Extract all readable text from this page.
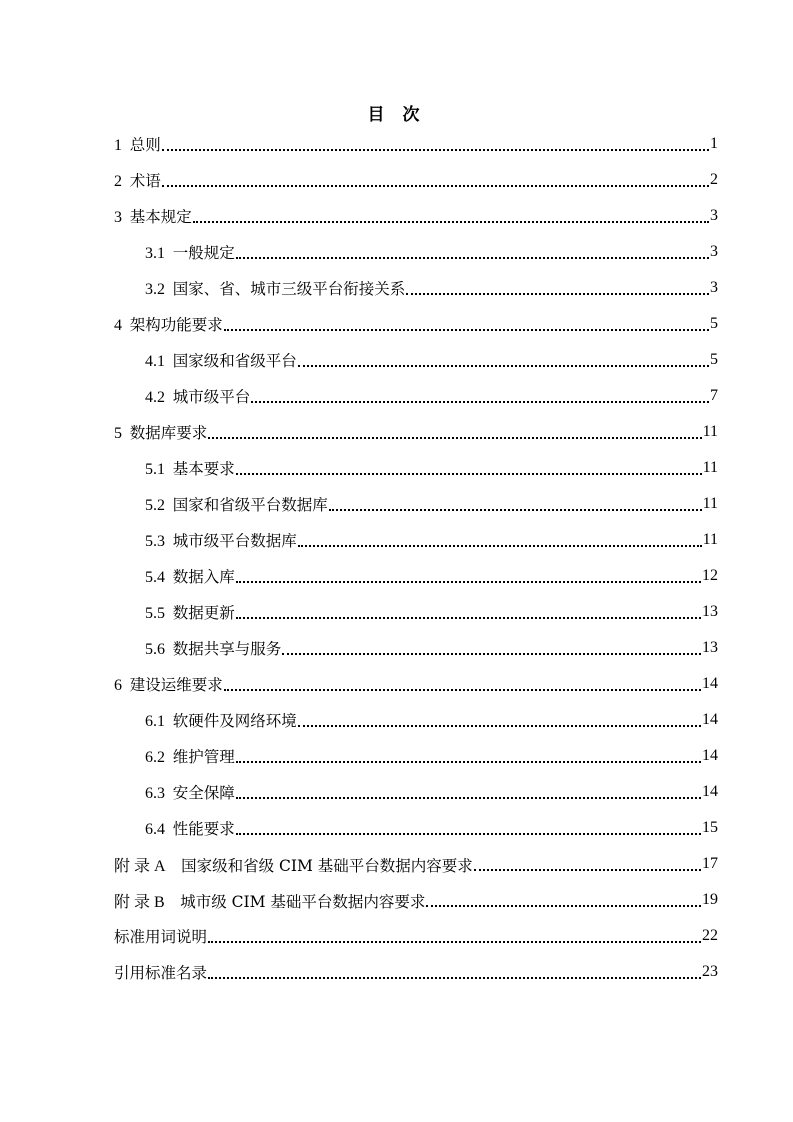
目 次
1  总则	1
2  术语	2
3  基本规定	3
3.1  一般规定	3
3.2  国家、省、城市三级平台衔接关系	3
4  架构功能要求	5
4.1  国家级和省级平台	5
4.2  城市级平台	7
5  数据库要求	11
5.1  基本要求	11
5.2  国家和省级平台数据库	11
5.3  城市级平台数据库	11
5.4  数据入库	12
5.5  数据更新	13
5.6  数据共享与服务	13
6  建设运维要求	14
6.1  软硬件及网络环境	14
6.2  维护管理	14
6.3  安全保障	14
6.4  性能要求	15
附 录 A  国家级和省级 CIM 基础平台数据内容要求	17
附 录 B  城市级 CIM 基础平台数据内容要求	19
标准用词说明	22
引用标准名录	23
